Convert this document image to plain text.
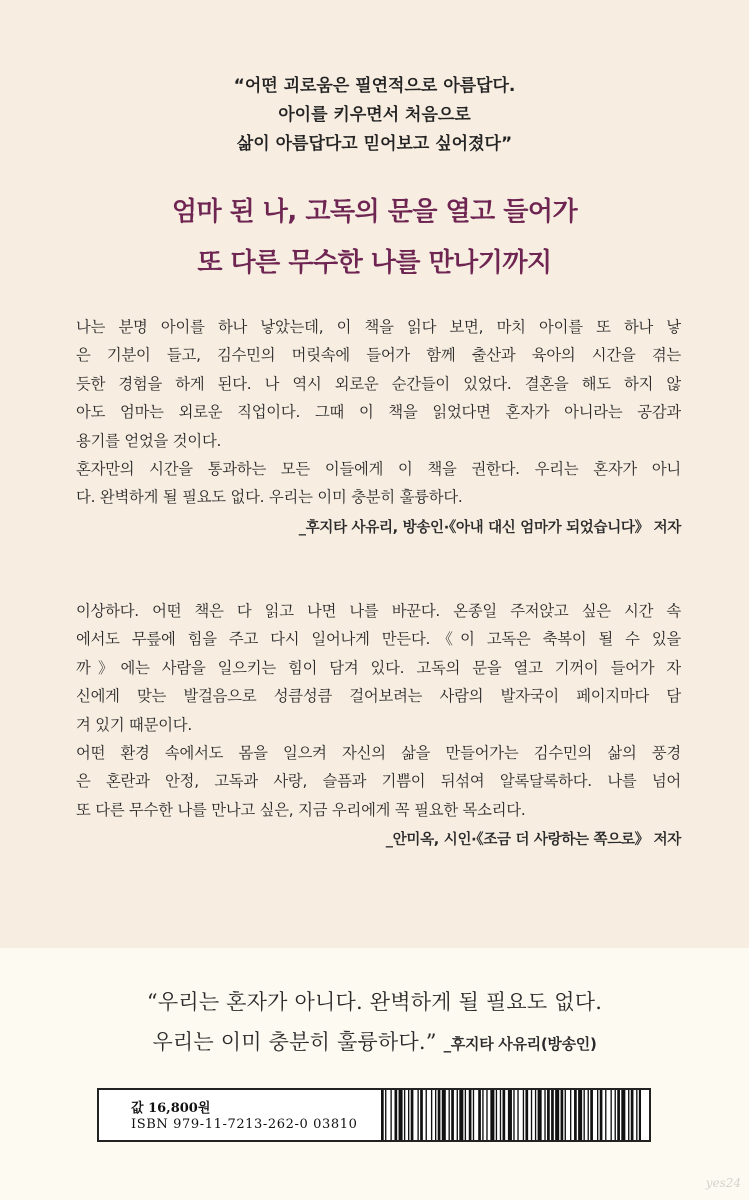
“어떤 괴로움은 필연적으로 아름답다.
아이를 키우면서 처음으로
삶이 아름답다고 믿어보고 싶어졌다”
엄마 된 나, 고독의 문을 열고 들어가
또 다른 무수한 나를 만나기까지
나는 분명 아이를 하나 낳았는데, 이 책을 읽다 보면, 마치 아이를 또 하나 낳
은 기분이 들고, 김수민의 머릿속에 들어가 함께 출산과 육아의 시간을 겪는
듯한 경험을 하게 된다. 나 역시 외로운 순간들이 있었다. 결혼을 해도 하지 않
아도 엄마는 외로운 직업이다. 그때 이 책을 읽었다면 혼자가 아니라는 공감과
용기를 얻었을 것이다.
혼자만의 시간을 통과하는 모든 이들에게 이 책을 권한다. 우리는 혼자가 아니
다. 완벽하게 될 필요도 없다. 우리는 이미 충분히 훌륭하다.
_후지타 사유리, 방송인·《아내 대신 엄마가 되었습니다》 저자
이상하다. 어떤 책은 다 읽고 나면 나를 바꾼다. 온종일 주저앉고 싶은 시간 속
에서도 무릎에 힘을 주고 다시 일어나게 만든다.《이 고독은 축복이 될 수 있을
까》에는 사람을 일으키는 힘이 담겨 있다. 고독의 문을 열고 기꺼이 들어가 자
신에게 맞는 발걸음으로 성큼성큼 걸어보려는 사람의 발자국이 페이지마다 담
겨 있기 때문이다.
어떤 환경 속에서도 몸을 일으켜 자신의 삶을 만들어가는 김수민의 삶의 풍경
은 혼란과 안정, 고독과 사랑, 슬픔과 기쁨이 뒤섞여 알록달록하다. 나를 넘어
또 다른 무수한 나를 만나고 싶은, 지금 우리에게 꼭 필요한 목소리다.
_안미옥, 시인·《조금 더 사랑하는 쪽으로》 저자
“우리는 혼자가 아니다. 완벽하게 될 필요도 없다.
우리는 이미 충분히 훌륭하다.” _후지타 사유리(방송인)
값 16,800원
ISBN 979-11-7213-262-0 03810
yes24
